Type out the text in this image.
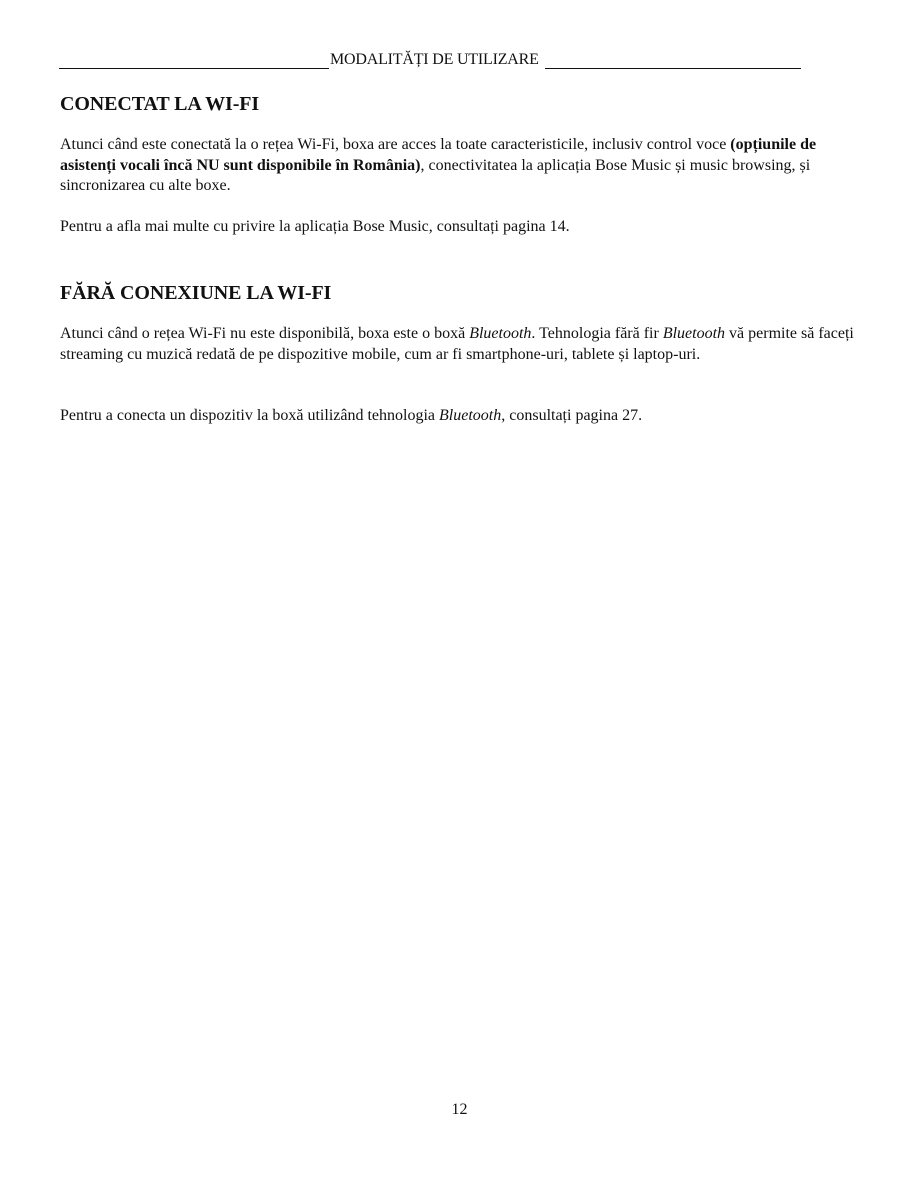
MODALITĂȚI DE UTILIZARE
CONECTAT LA WI-FI

Atunci când este conectată la o rețea Wi-Fi, boxa are acces la toate caracteristicile, inclusiv control voce (opțiunile de asistenți vocali încă NU sunt disponibile în România), conectivitatea la aplicația Bose Music și music browsing, și sincronizarea cu alte boxe.

Pentru a afla mai multe cu privire la aplicația Bose Music, consultați pagina 14.

FĂRĂ CONEXIUNE LA WI-FI

Atunci când o rețea Wi-Fi nu este disponibilă, boxa este o boxă Bluetooth. Tehnologia fără fir Bluetooth vă permite să faceți streaming cu muzică redată de pe dispozitive mobile, cum ar fi smartphone-uri, tablete și laptop-uri.

Pentru a conecta un dispozitiv la boxă utilizând tehnologia Bluetooth, consultați pagina 27.

12
